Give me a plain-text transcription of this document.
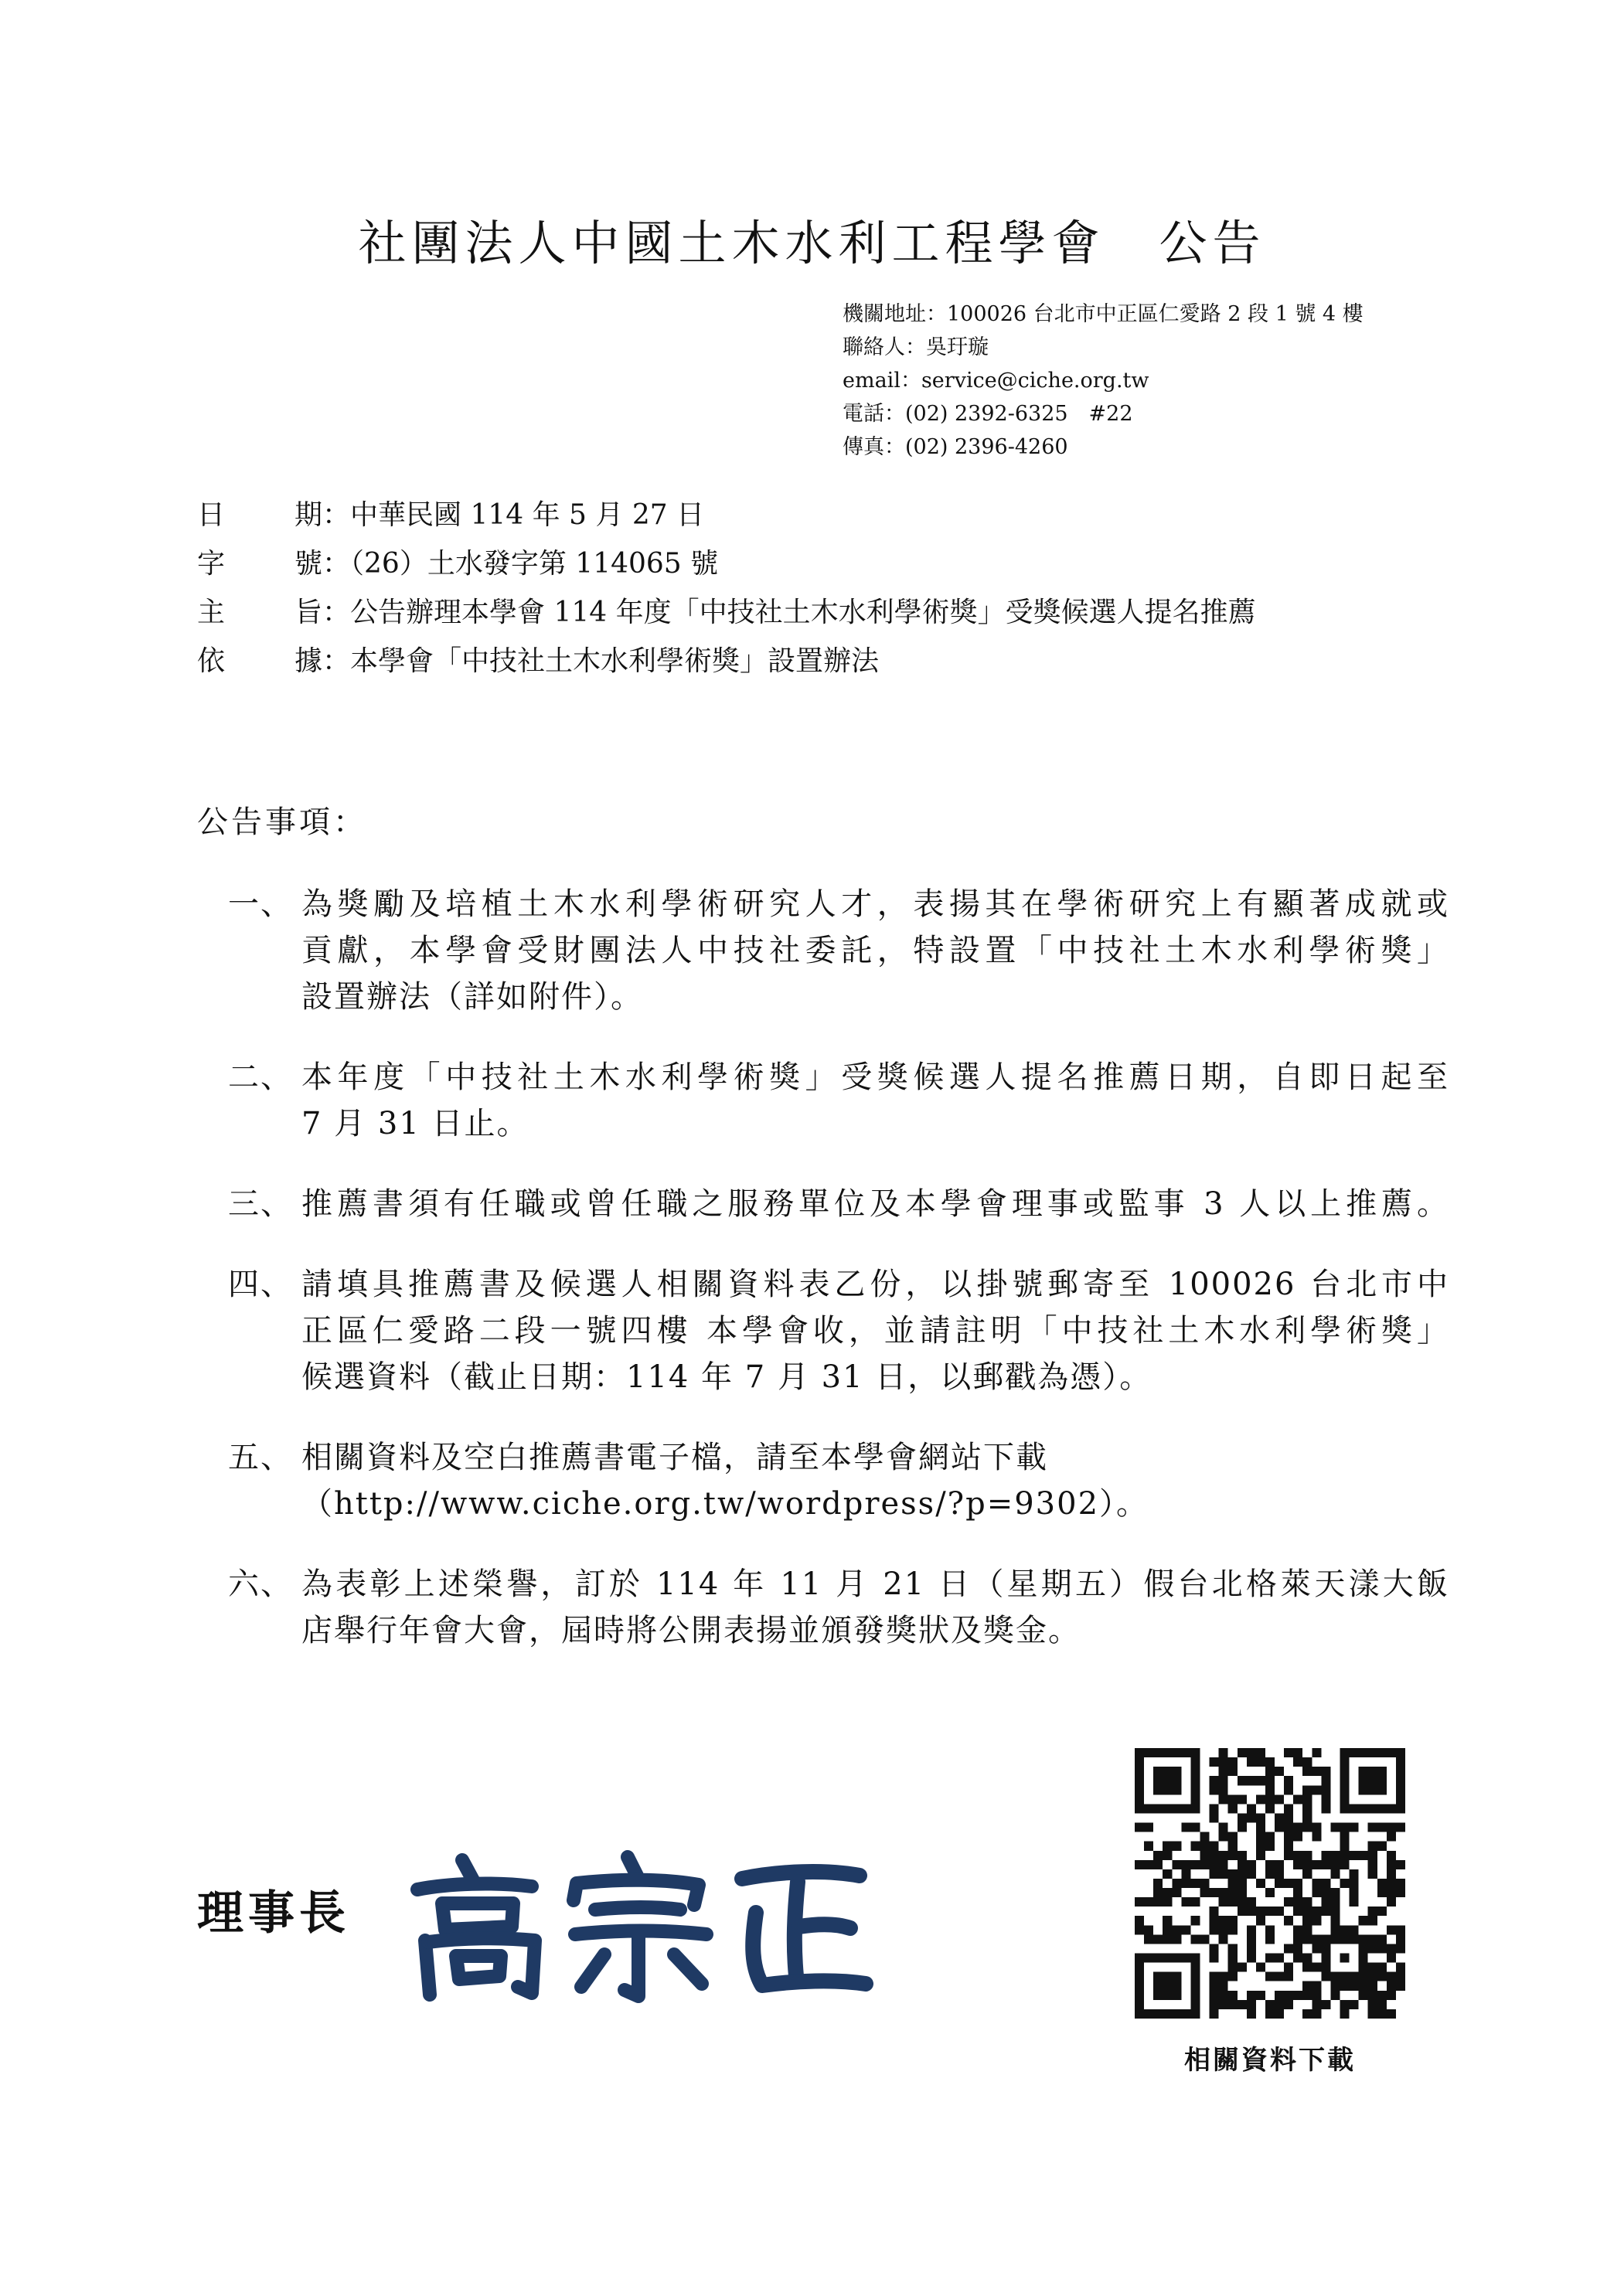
社團法人中國土木水利工程學會 公告
機關地址：100026 台北市中正區仁愛路 2 段 1 號 4 樓
聯絡人：吳玗璇
email：service@ciche.org.tw
電話：(02) 2392-6325　#22
傳真：(02) 2396-4260
日 期：中華民國 114 年 5 月 27 日
字 號：（26）土水發字第 114065 號
主 旨：公告辦理本學會 114 年度「中技社土木水利學術獎」受獎候選人提名推薦
依 據：本學會「中技社土木水利學術獎」設置辦法
公告事項：
一、 為獎勵及培植土木水利學術研究人才，表揚其在學術研究上有顯著成就或
貢獻，本學會受財團法人中技社委託，特設置「中技社土木水利學術獎」
設置辦法（詳如附件）。
二、 本年度「中技社土木水利學術獎」受獎候選人提名推薦日期，自即日起至
7 月 31 日止。
三、 推薦書須有任職或曾任職之服務單位及本學會理事或監事 3 人以上推薦。
四、 請填具推薦書及候選人相關資料表乙份，以掛號郵寄至 100026 台北市中
正區仁愛路二段一號四樓 本學會收，並請註明「中技社土木水利學術獎」
候選資料（截止日期：114 年 7 月 31 日，以郵戳為憑）。
五、 相關資料及空白推薦書電子檔，請至本學會網站下載
（http://www.ciche.org.tw/wordpress/?p=9302）。
六、 為表彰上述榮譽，訂於 114 年 11 月 21 日（星期五）假台北格萊天漾大飯
店舉行年會大會，屆時將公開表揚並頒發獎狀及獎金。
理事長
相關資料下載
